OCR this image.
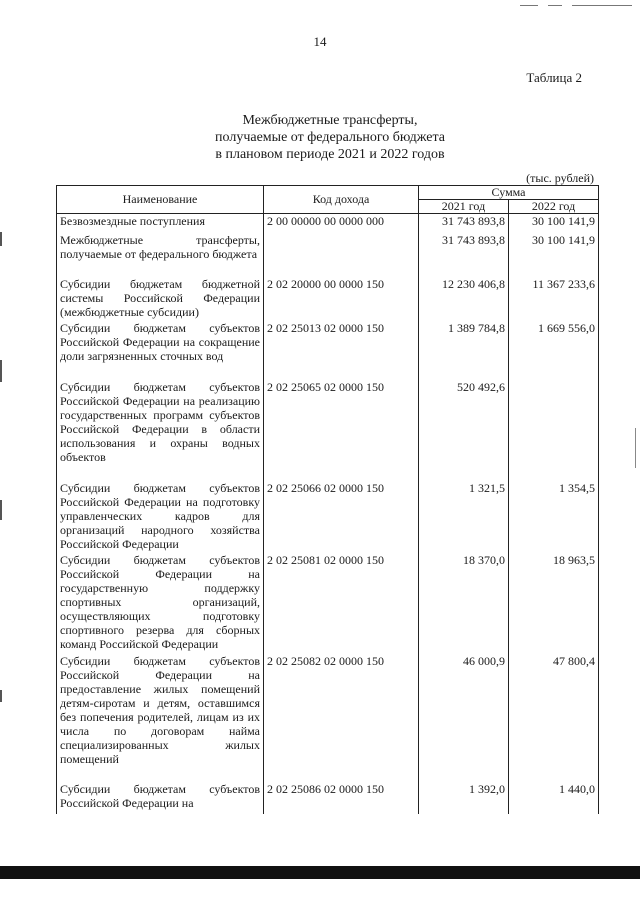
14
Таблица 2
Межбюджетные трансферты,
получаемые от федерального бюджета
в плановом периоде 2021 и 2022 годов
(тыс. рублей)
Наименование	Код дохода	Сумма	
		2021 год	2022 год
Безвозмездные поступления	2 00 00000 00 0000 000	31 743 893,8	30 100 141,9
Межбюджетные трансферты, получаемые от федерального бюджета		31 743 893,8	30 100 141,9
Субсидии бюджетам бюджетной системы Российской Федерации (межбюджетные субсидии)	2 02 20000 00 0000 150	12 230 406,8	11 367 233,6
Субсидии бюджетам субъектов Российской Федерации на сокращение доли загрязненных сточных вод	2 02 25013 02 0000 150	1 389 784,8	1 669 556,0
Субсидии бюджетам субъектов Российской Федерации на реализацию государственных программ субъектов Российской Федерации в области использования и охраны водных объектов	2 02 25065 02 0000 150	520 492,6	
Субсидии бюджетам субъектов Российской Федерации на подготовку управленческих кадров для организаций народного хозяйства Российской Федерации	2 02 25066 02 0000 150	1 321,5	1 354,5
Субсидии бюджетам субъектов Российской Федерации на государственную поддержку спортивных организаций, осуществляющих подготовку спортивного резерва для сборных команд Российской Федерации	2 02 25081 02 0000 150	18 370,0	18 963,5
Субсидии бюджетам субъектов Российской Федерации на предоставление жилых помещений детям-сиротам и детям, оставшимся без попечения родителей, лицам из их числа по договорам найма специализированных жилых помещений	2 02 25082 02 0000 150	46 000,9	47 800,4
Субсидии бюджетам субъектов Российской Федерации на	2 02 25086 02 0000 150	1 392,0	1 440,0
